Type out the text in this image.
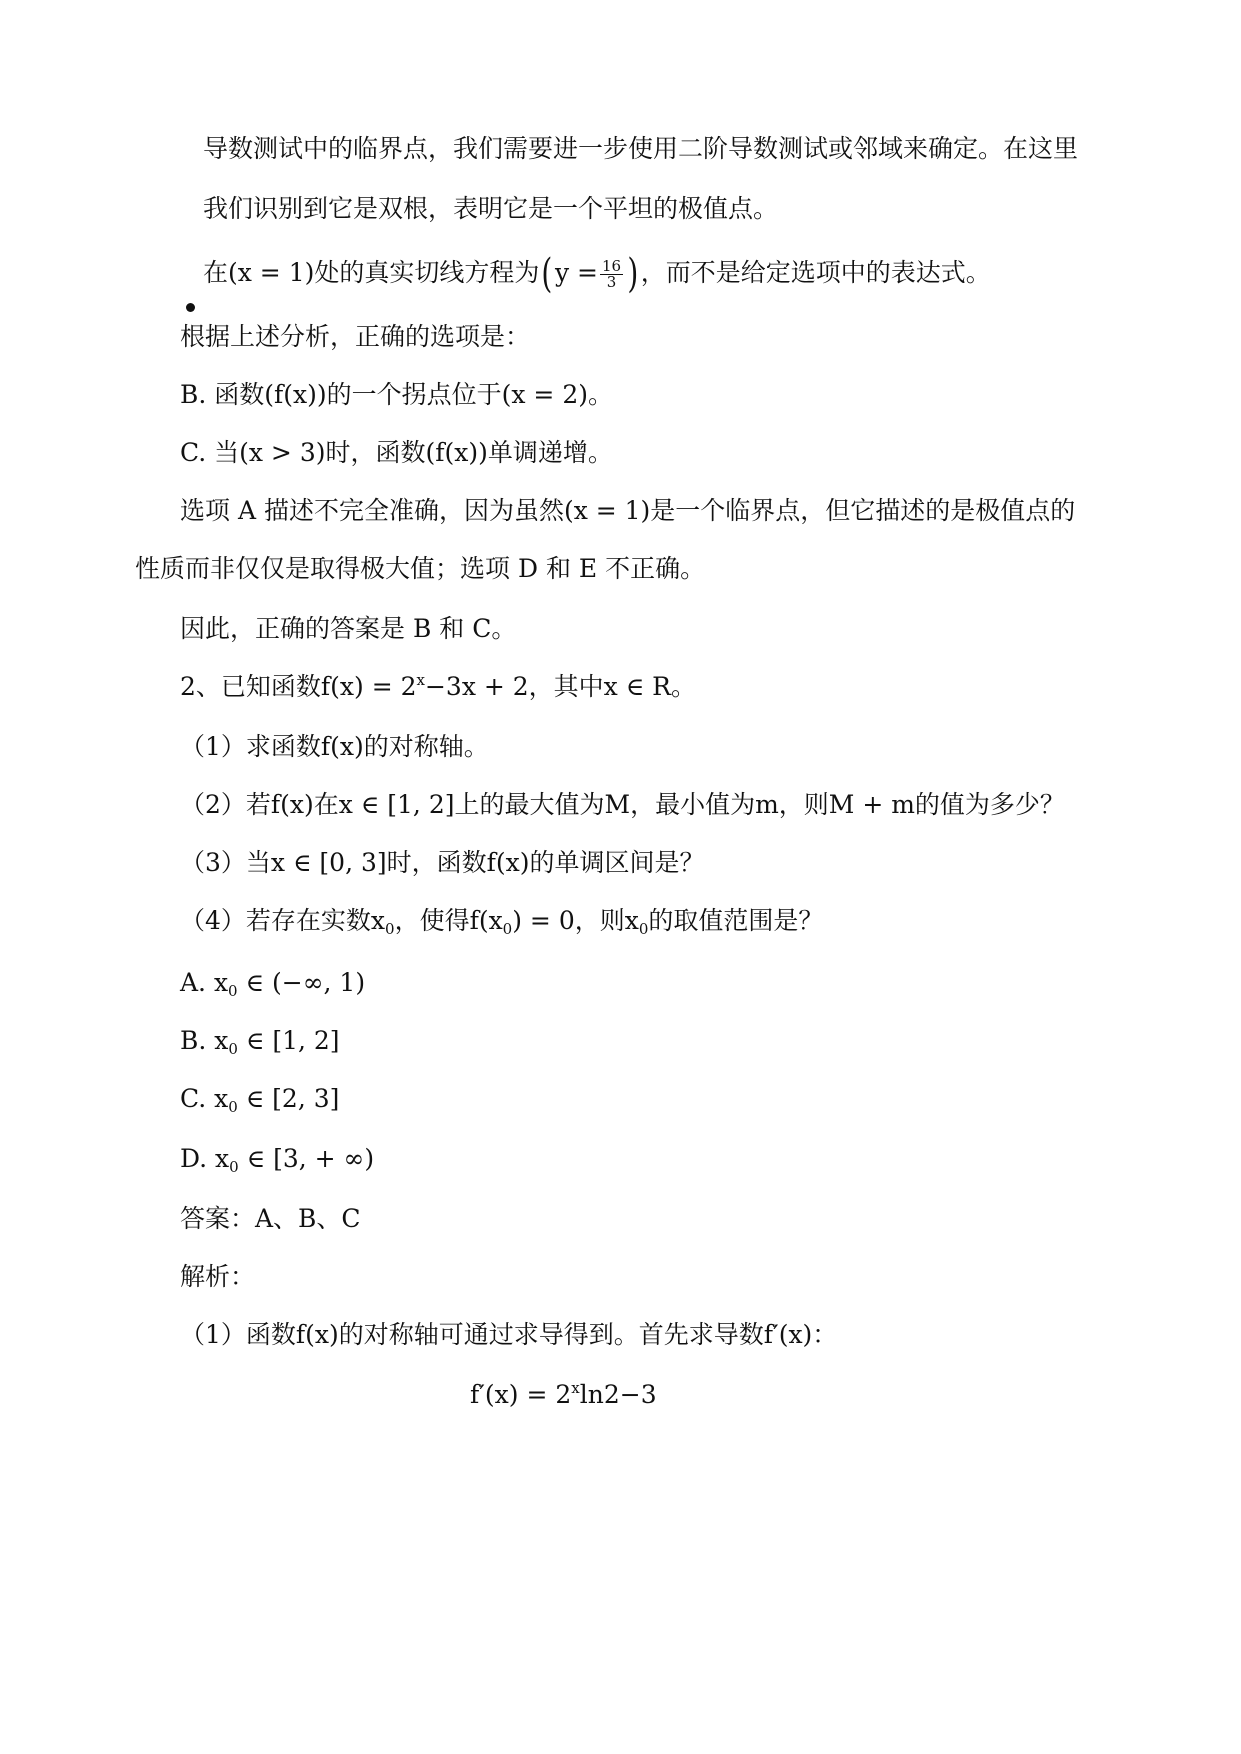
导数测试中的临界点，我们需要进一步使用二阶导数测试或邻域来确定。在这里
我们识别到它是双根，表明它是一个平坦的极值点。
在(x = 1)处的真实切线方程为($y = \frac{16}{3}$ )，而不是给定选项中的表达式。
根据上述分析，正确的选项是：
B. 函数(f(x))的一个拐点位于(x = 2)。
C. 当(x > 3)时，函数(f(x))单调递增。
选项 A 描述不完全准确，因为虽然(x = 1)是一个临界点，但它描述的是极值点的
性质而非仅仅是取得极大值；选项 D 和 E 不正确。
因此，正确的答案是 B 和 C。
2、已知函数$f(x) = 2^x-3x + 2$，其中x ∈ R。
（1）求函数f(x)的对称轴。
（2）若f(x)在x ∈ [1, 2]上的最大值为M，最小值为m，则M + m的值为多少？
（3）当x ∈ [0, 3]时，函数f(x)的单调区间是？
（4）若存在实数$x_0$，使得$f(x_0) = 0$，则$x_0$的取值范围是？
A. $x_0$ ∈ (−∞, 1)
B. $x_0$ ∈ [1, 2]
C. $x_0$ ∈ [2, 3]
D. $x_0$ ∈ [3, + ∞)
答案：A、B、C
解析：
（1）函数f(x)的对称轴可通过求导得到。首先求导数f′(x)：
$f'(x) = 2^x\ln 2-3$
